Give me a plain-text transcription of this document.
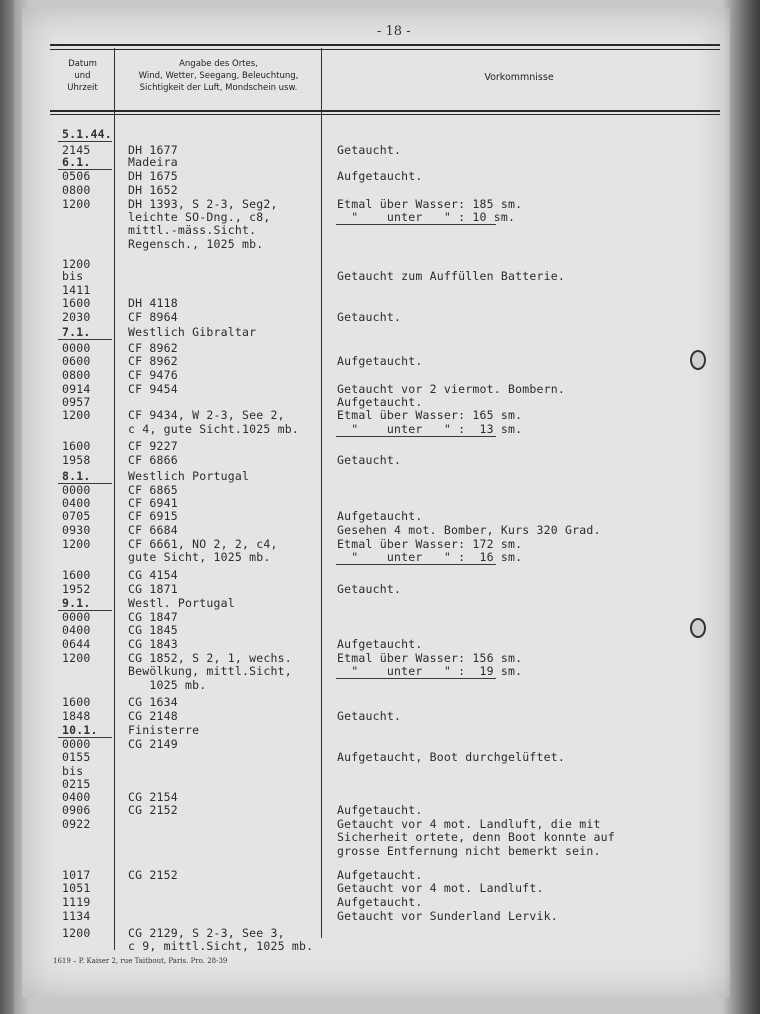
- 18 -
Datum
und
Uhrzeit
Angabe des Ortes,
Wind, Wetter, Seegang, Beleuchtung,
Sichtigkeit der Luft, Mondschein usw.
Vorkommnisse
5.1.44.
2145
6.1.
0506
0800
1200
1200
bis
1411
1600
2030
7.1.
0000
0600
0800
0914
0957
1200
1600
1958
8.1.
0000
0400
0705
0930
1200
1600
1952
9.1.
0000
0400
0644
1200
1600
1848
10.1.
0000
0155
bis
0215
0400
0906
0922
1017
1051
1119
1134
1200
DH 1677
Madeira
DH 1675
DH 1652
DH 1393, S 2-3, Seg2,
leichte SO-Dng., c8,
mittl.-mäss.Sicht.
Regensch., 1025 mb.
DH 4118
CF 8964
Westlich Gibraltar
CF 8962
CF 8962
CF 9476
CF 9454
CF 9434, W 2-3, See 2,
c 4, gute Sicht.1025 mb.
CF 9227
CF 6866
Westlich Portugal
CF 6865
CF 6941
CF 6915
CF 6684
CF 6661, NO 2, 2, c4,
gute Sicht, 1025 mb.
CG 4154
CG 1871
Westl. Portugal
CG 1847
CG 1845
CG 1843
CG 1852, S 2, 1, wechs.
Bewölkung, mittl.Sicht,
1025 mb.
CG 1634
CG 2148
Finisterre
CG 2149
CG 2154
CG 2152
CG 2152
CG 2129, S 2-3, See 3,
c 9, mittl.Sicht, 1025 mb.
Getaucht.
Aufgetaucht.
Etmal über Wasser: 185 sm.
"    unter   " : 10 sm.
Getaucht zum Auffüllen Batterie.
Getaucht.
Aufgetaucht.
Getaucht vor 2 viermot. Bombern.
Aufgetaucht.
Etmal über Wasser: 165 sm.
"    unter   " :  13 sm.
Getaucht.
Aufgetaucht.
Gesehen 4 mot. Bomber, Kurs 320 Grad.
Etmal über Wasser: 172 sm.
"    unter   " :  16 sm.
Getaucht.
Aufgetaucht.
Etmal über Wasser: 156 sm.
"    unter   " :  19 sm.
Getaucht.
Aufgetaucht, Boot durchgelüftet.
Aufgetaucht.
Getaucht vor 4 mot. Landluft, die mit
Sicherheit ortete, denn Boot konnte auf
grosse Entfernung nicht bemerkt sein.
Aufgetaucht.
Getaucht vor 4 mot. Landluft.
Aufgetaucht.
Getaucht vor Sunderland Lervik.
1619 – P. Kaiser 2, rue Taitbout, Paris. Pro. 28-39
